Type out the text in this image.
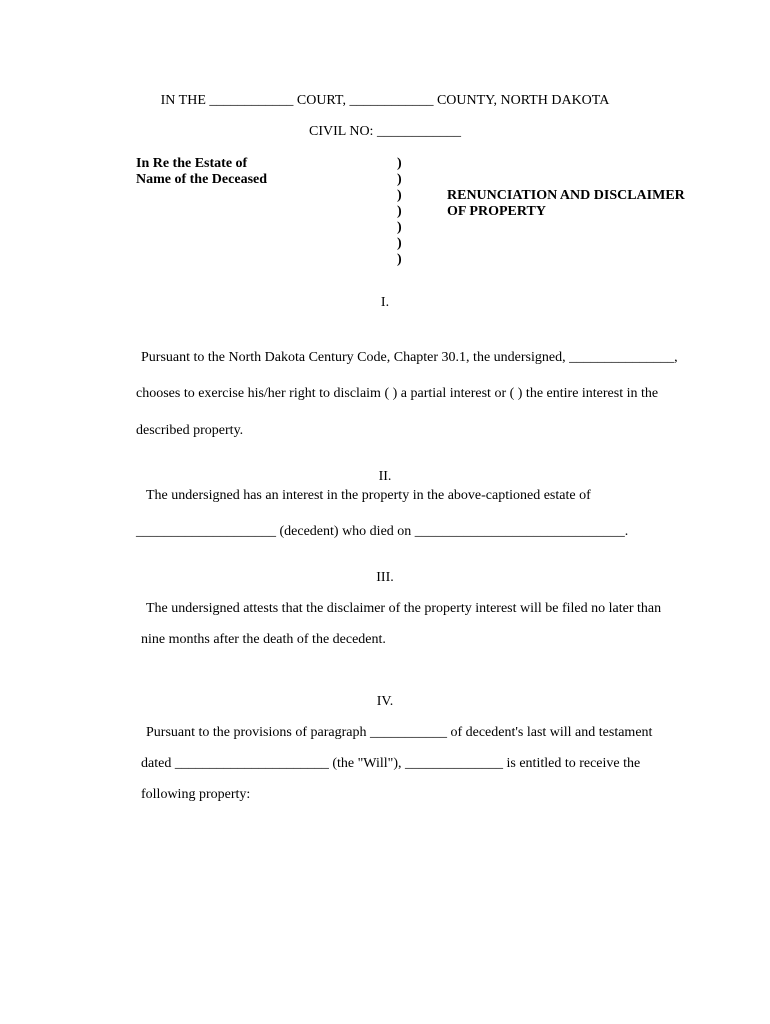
IN THE ____________ COURT, ____________ COUNTY, NORTH DAKOTA
CIVIL NO: ____________
In Re the Estate of
Name of the Deceased
)
)
)
)
)
)
)
RENUNCIATION AND DISCLAIMER
OF PROPERTY
I.
Pursuant to the North Dakota Century Code, Chapter 30.1, the undersigned, _______________,
chooses to exercise his/her right to disclaim ( ) a partial interest or ( ) the entire interest in the
described property.
II.
The undersigned has an interest in the property in the above-captioned estate of
____________________ (decedent) who died on ______________________________.
III.
The undersigned attests that the disclaimer of the property interest will be filed no later than
nine months after the death of the decedent.
IV.
Pursuant to the provisions of paragraph ___________ of decedent's last will and testament
dated ______________________ (the "Will"), ______________ is entitled to receive the
following property:
